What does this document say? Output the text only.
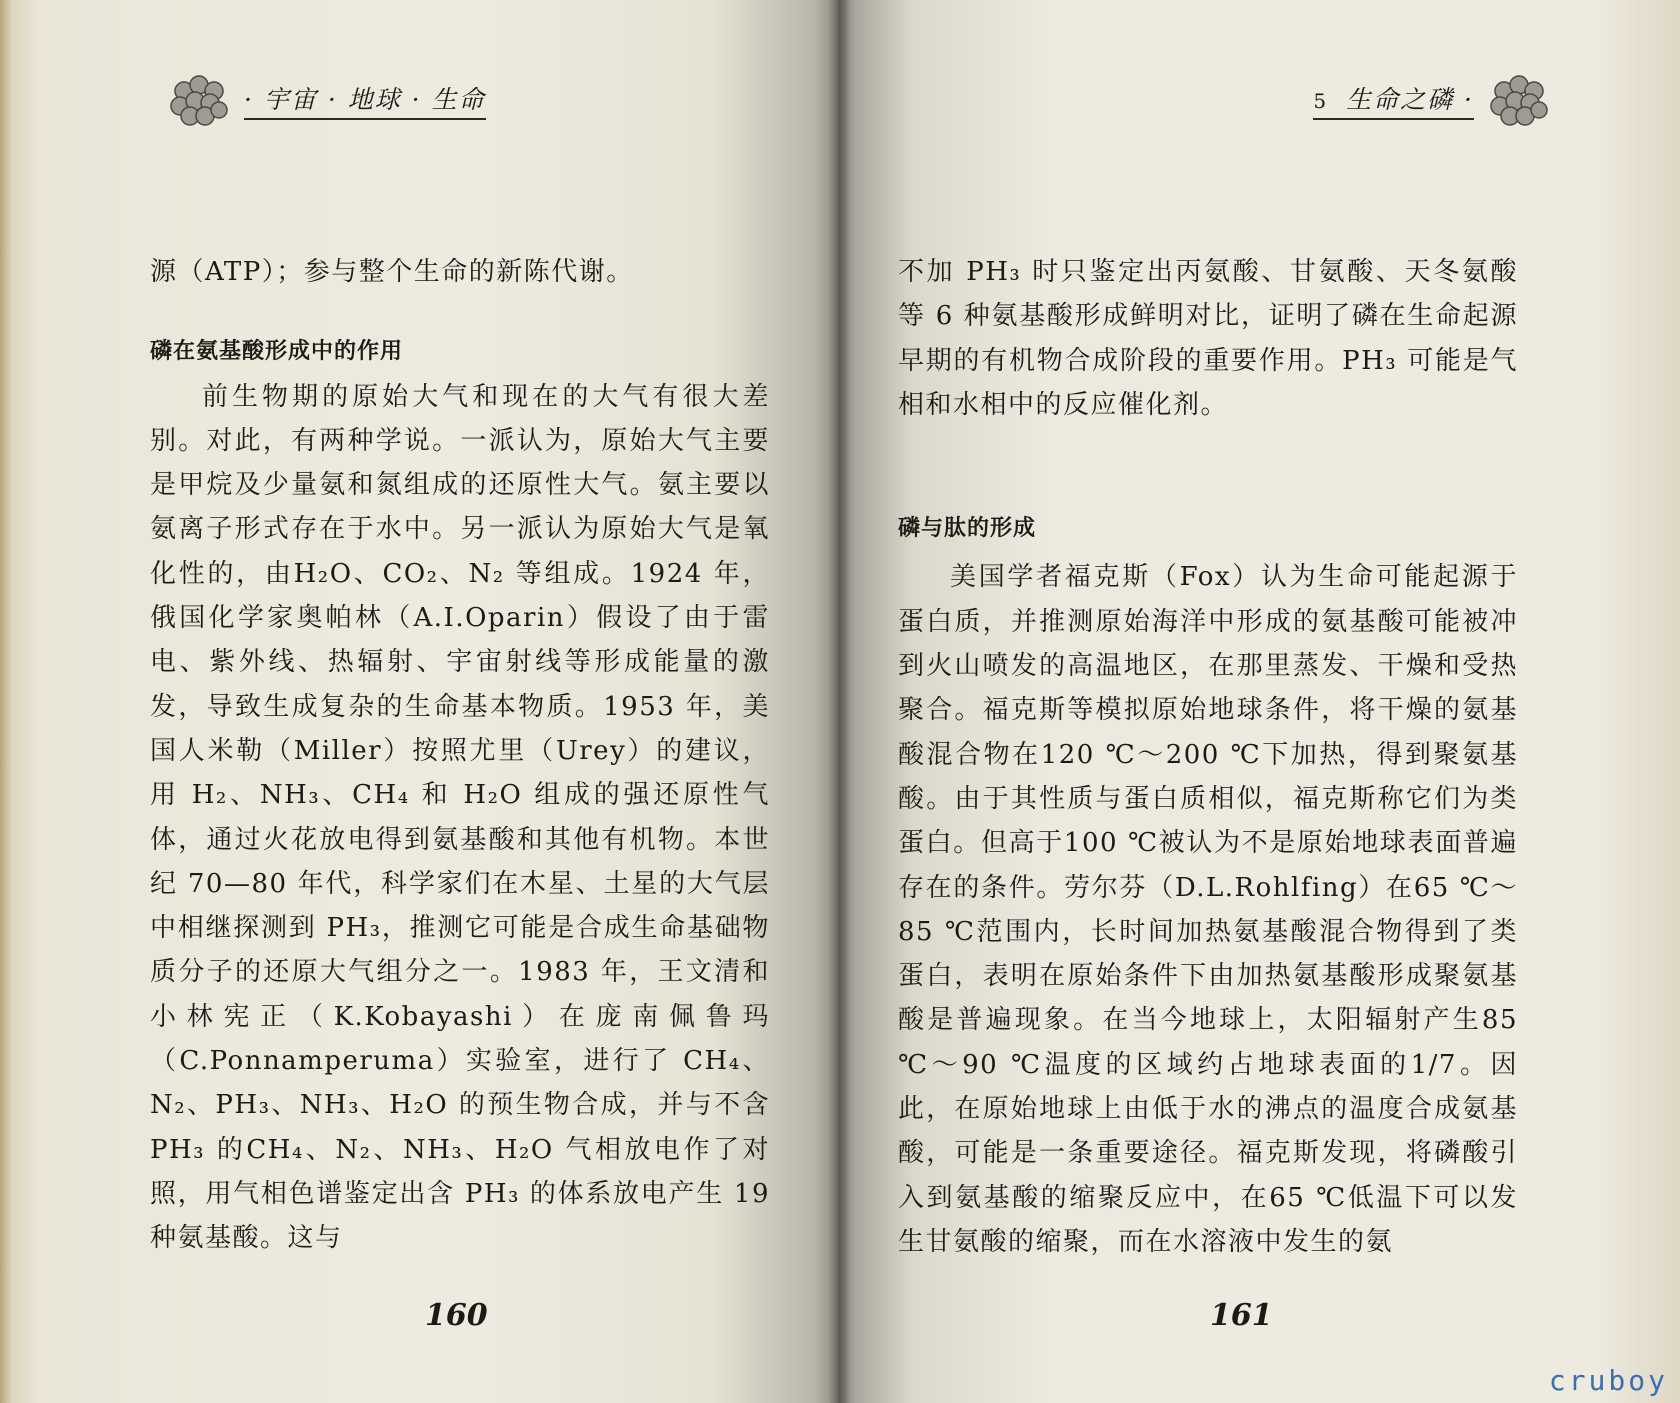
· 宇宙 · 地球 · 生命

源（ATP）；参与整个生命的新陈代谢。

磷在氨基酸形成中的作用

前生物期的原始大气和现在的大气有很大差别。对此，有两种学说。一派认为，原始大气主要是甲烷及少量氨和氮组成的还原性大气。氨主要以氨离子形式存在于水中。另一派认为原始大气是氧化性的，由H₂O、CO₂、N₂ 等组成。1924 年，俄国化学家奥帕林（A.I.Oparin）假设了由于雷电、紫外线、热辐射、宇宙射线等形成能量的激发，导致生成复杂的生命基本物质。1953 年，美国人米勒（Miller）按照尤里（Urey）的建议，用 H₂、NH₃、CH₄ 和 H₂O 组成的强还原性气体，通过火花放电得到氨基酸和其他有机物。本世纪 70—80 年代，科学家们在木星、土星的大气层中相继探测到 PH₃，推测它可能是合成生命基础物质分子的还原大气组分之一。1983 年，王文清和小林宪正（K.Kobayashi）在庞南佩鲁玛（C.Ponnamperuma）实验室，进行了 CH₄、N₂、PH₃、NH₃、H₂O 的预生物合成，并与不含 PH₃ 的CH₄、N₂、NH₃、H₂O 气相放电作了对照，用气相色谱鉴定出含 PH₃ 的体系放电产生 19 种氨基酸。这与

160
5 生命之磷 ·

不加 PH₃ 时只鉴定出丙氨酸、甘氨酸、天冬氨酸等 6 种氨基酸形成鲜明对比，证明了磷在生命起源早期的有机物合成阶段的重要作用。PH₃ 可能是气相和水相中的反应催化剂。

磷与肽的形成

美国学者福克斯（Fox）认为生命可能起源于蛋白质，并推测原始海洋中形成的氨基酸可能被冲到火山喷发的高温地区，在那里蒸发、干燥和受热聚合。福克斯等模拟原始地球条件，将干燥的氨基酸混合物在120 ℃～200 ℃下加热，得到聚氨基酸。由于其性质与蛋白质相似，福克斯称它们为类蛋白。但高于100 ℃被认为不是原始地球表面普遍存在的条件。劳尔芬（D.L.Rohlfing）在65 ℃～85 ℃范围内，长时间加热氨基酸混合物得到了类蛋白，表明在原始条件下由加热氨基酸形成聚氨基酸是普遍现象。在当今地球上，太阳辐射产生85 ℃～90 ℃温度的区域约占地球表面的1/7。因此，在原始地球上由低于水的沸点的温度合成氨基酸，可能是一条重要途径。福克斯发现，将磷酸引入到氨基酸的缩聚反应中，在65 ℃低温下可以发生甘氨酸的缩聚，而在水溶液中发生的氨

161
cruboy
